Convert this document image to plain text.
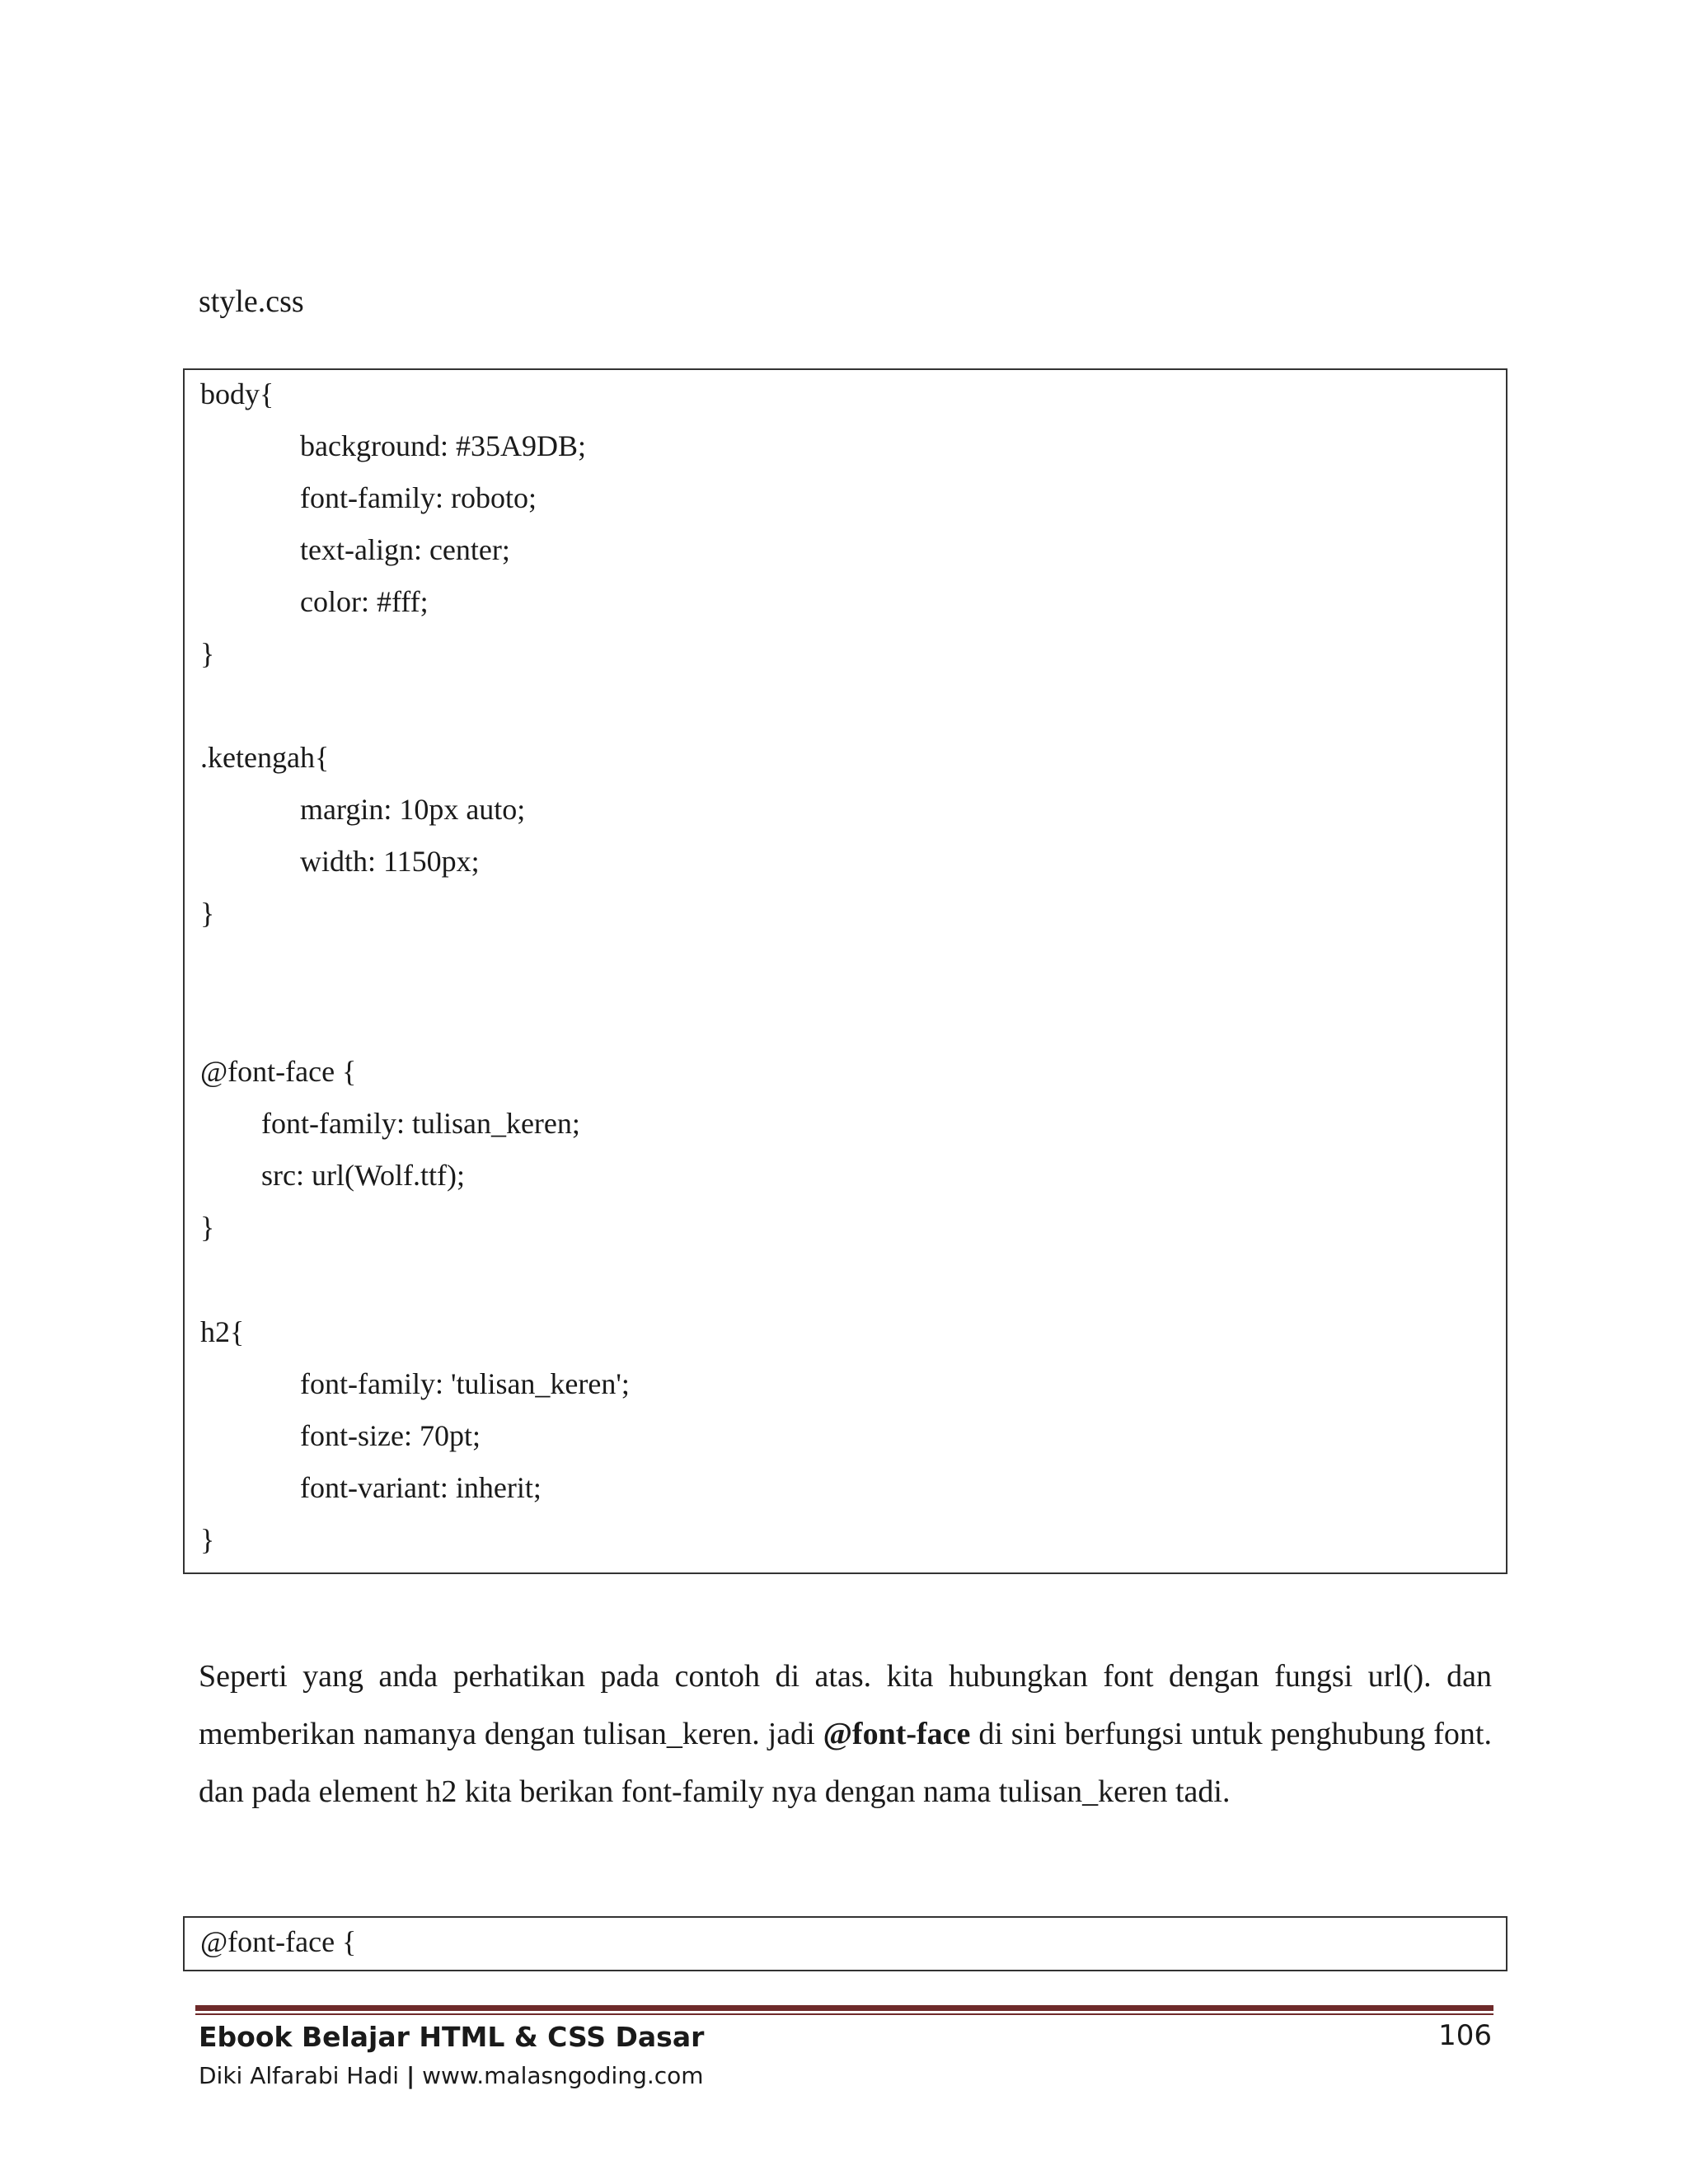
style.css
body{
background: #35A9DB;
font-family: roboto;
text-align: center;
color: #fff;
}
.ketengah{
margin: 10px auto;
width: 1150px;
}
@font-face {
font-family: tulisan_keren;
src: url(Wolf.ttf);
}
h2{
font-family: 'tulisan_keren';
font-size: 70pt;
font-variant: inherit;
}
Seperti yang anda perhatikan pada contoh di atas. kita hubungkan font dengan fungsi url(). dan memberikan namanya dengan tulisan_keren. jadi @font-face di sini berfungsi untuk penghubung font. dan pada element h2 kita berikan font-family nya dengan nama tulisan_keren tadi.
@font-face {
Ebook Belajar HTML & CSS Dasar
Diki Alfarabi Hadi | www.malasngoding.com
106
